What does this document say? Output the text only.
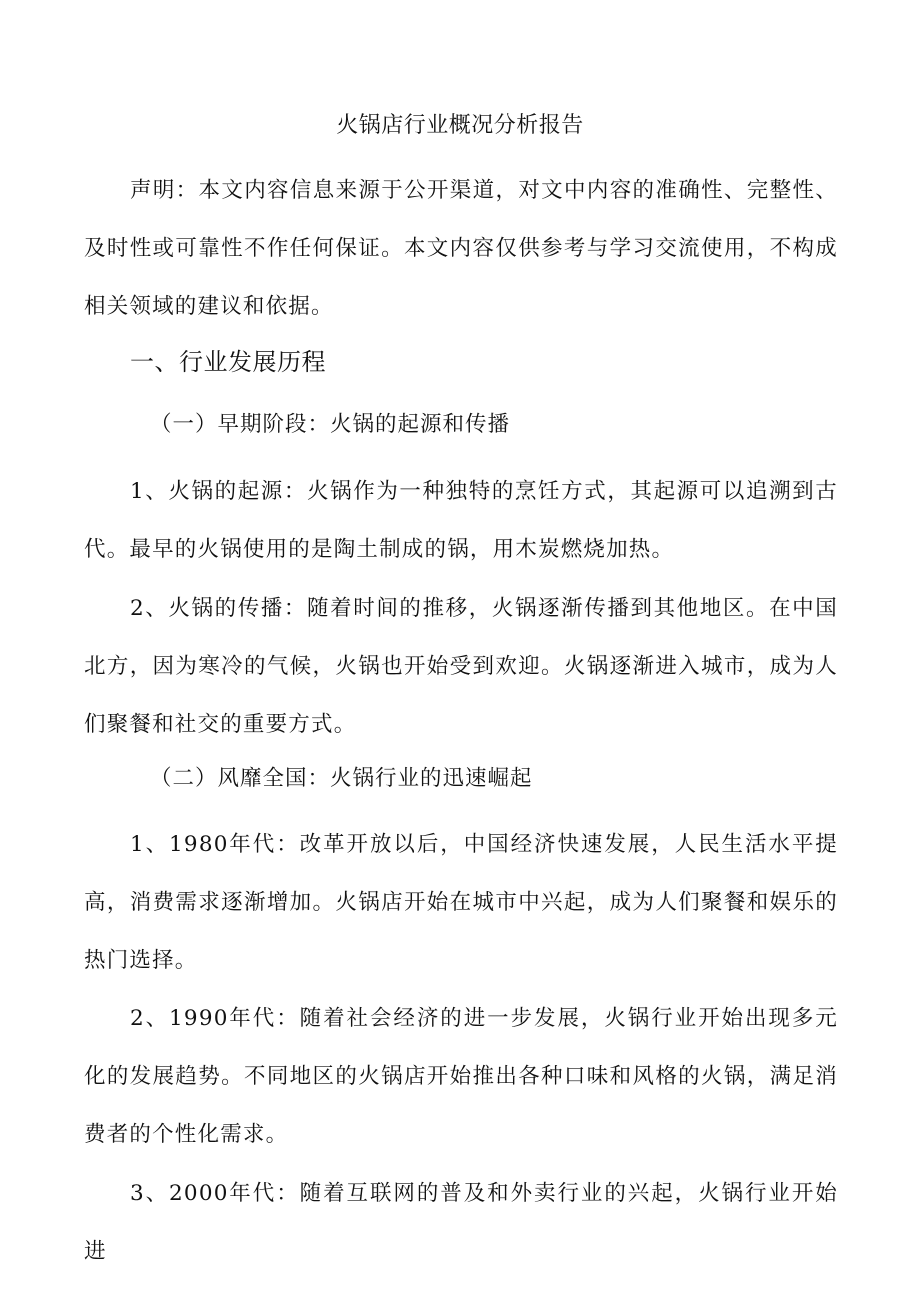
火锅店行业概况分析报告

声明：本文内容信息来源于公开渠道，对文中内容的准确性、完整性、及时性或可靠性不作任何保证。本文内容仅供参考与学习交流使用，不构成相关领域的建议和依据。

一、行业发展历程
（一）早期阶段：火锅的起源和传播

1、火锅的起源：火锅作为一种独特的烹饪方式，其起源可以追溯到古代。最早的火锅使用的是陶土制成的锅，用木炭燃烧加热。

2、火锅的传播：随着时间的推移，火锅逐渐传播到其他地区。在中国北方，因为寒冷的气候，火锅也开始受到欢迎。火锅逐渐进入城市，成为人们聚餐和社交的重要方式。

（二）风靡全国：火锅行业的迅速崛起

1、1980年代：改革开放以后，中国经济快速发展，人民生活水平提高，消费需求逐渐增加。火锅店开始在城市中兴起，成为人们聚餐和娱乐的热门选择。

2、1990年代：随着社会经济的进一步发展，火锅行业开始出现多元化的发展趋势。不同地区的火锅店开始推出各种口味和风格的火锅，满足消费者的个性化需求。

3、2000年代：随着互联网的普及和外卖行业的兴起，火锅行业开始进
